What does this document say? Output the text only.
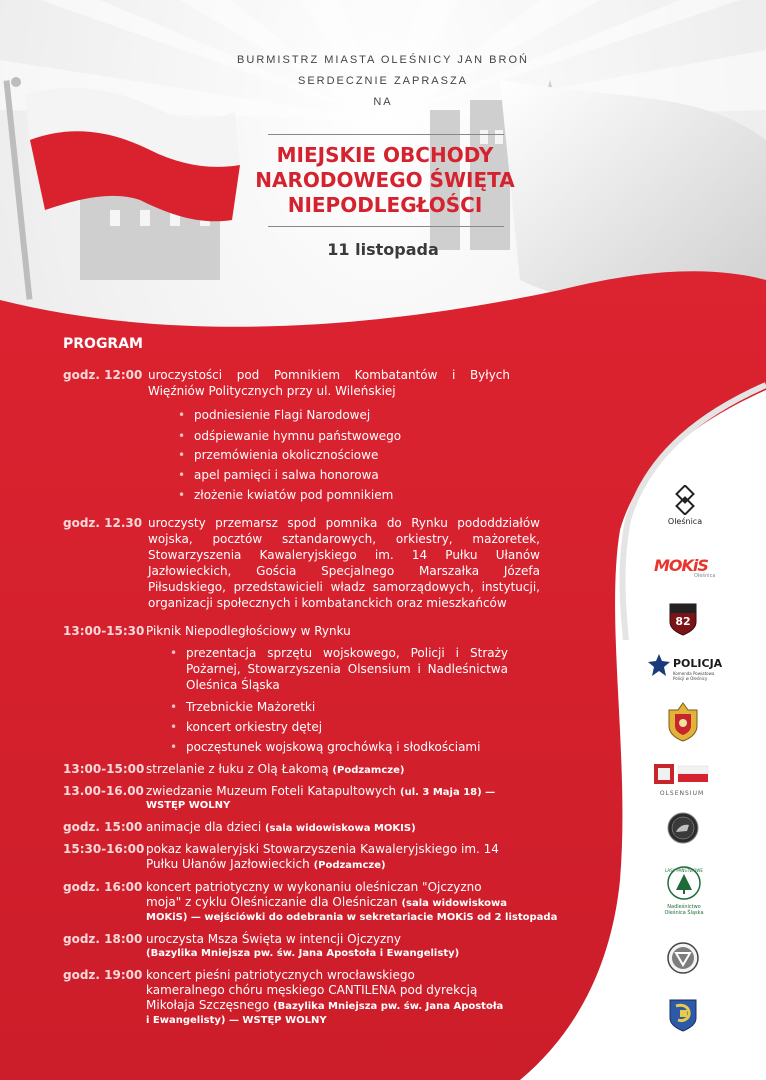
BURMISTRZ MIASTA OLEŚNICY JAN BROŃ
SERDECZNIE ZAPRASZA
NA
MIEJSKIE OBCHODY
NARODOWEGO ŚWIĘTA
NIEPODLEGŁOŚCI
11 listopada
PROGRAM
godz. 12:00 uroczystości pod Pomnikiem Kombatantów i Byłych
Więźniów Politycznych przy ul. Wileńskiej
• podniesienie Flagi Narodowej
• odśpiewanie hymnu państwowego
• przemówienia okolicznościowe
• apel pamięci i salwa honorowa
• złożenie kwiatów pod pomnikiem
godz. 12.30 uroczysty przemarsz spod pomnika do Rynku pododdziałów
wojska, pocztów sztandarowych, orkiestry, mażoretek,
Stowarzyszenia Kawaleryjskiego im. 14 Pułku Ułanów
Jazłowieckich, Gościa Specjalnego Marszałka Józefa
Piłsudskiego, przedstawicieli władz samorządowych, instytucji,
organizacji społecznych i kombatanckich oraz mieszkańców
13:00-15:30 Piknik Niepodległościowy w Rynku
• prezentacja sprzętu wojskowego, Policji i Straży
Pożarnej, Stowarzyszenia Olsensium i Nadleśnictwa
Oleśnica Śląska
• Trzebnickie Mażoretki
• koncert orkiestry dętej
• poczęstunek wojskową grochówką i słodkościami
13:00-15:00 strzelanie z łuku z Olą Łakomą (Podzamcze)
13.00-16.00 zwiedzanie Muzeum Foteli Katapultowych (ul. 3 Maja 18) —
WSTĘP WOLNY
godz. 15:00 animacje dla dzieci (sala widowiskowa MOKIS)
15:30-16:00 pokaz kawaleryjski Stowarzyszenia Kawaleryjskiego im. 14
Pułku Ułanów Jazłowieckich (Podzamcze)
godz. 16:00 koncert patriotyczny w wykonaniu oleśniczan "Ojczyzno
moja" z cyklu Oleśniczanie dla Oleśniczan (sala widowiskowa
MOKiS) — wejściówki do odebrania w sekretariacie MOKiS od 2 listopada
godz. 18:00 uroczysta Msza Święta w intencji Ojczyzny
(Bazylika Mniejsza pw. św. Jana Apostoła i Ewangelisty)
godz. 19:00 koncert pieśni patriotycznych wrocławskiego
kameralnego chóru męskiego CANTILENA pod dyrekcją
Mikołaja Szczęsnego (Bazylika Mniejsza pw. św. Jana Apostoła
i Ewangelisty) — WSTĘP WOLNY
Oleśnica
MOKiS
Oleśnica
82
POLICJA
Komenda Powiatowa
Policji w Oleśnicy
OLSENSIUM
LASY PAŃSTWOWE
Nadleśnictwo
Oleśnica Śląska
